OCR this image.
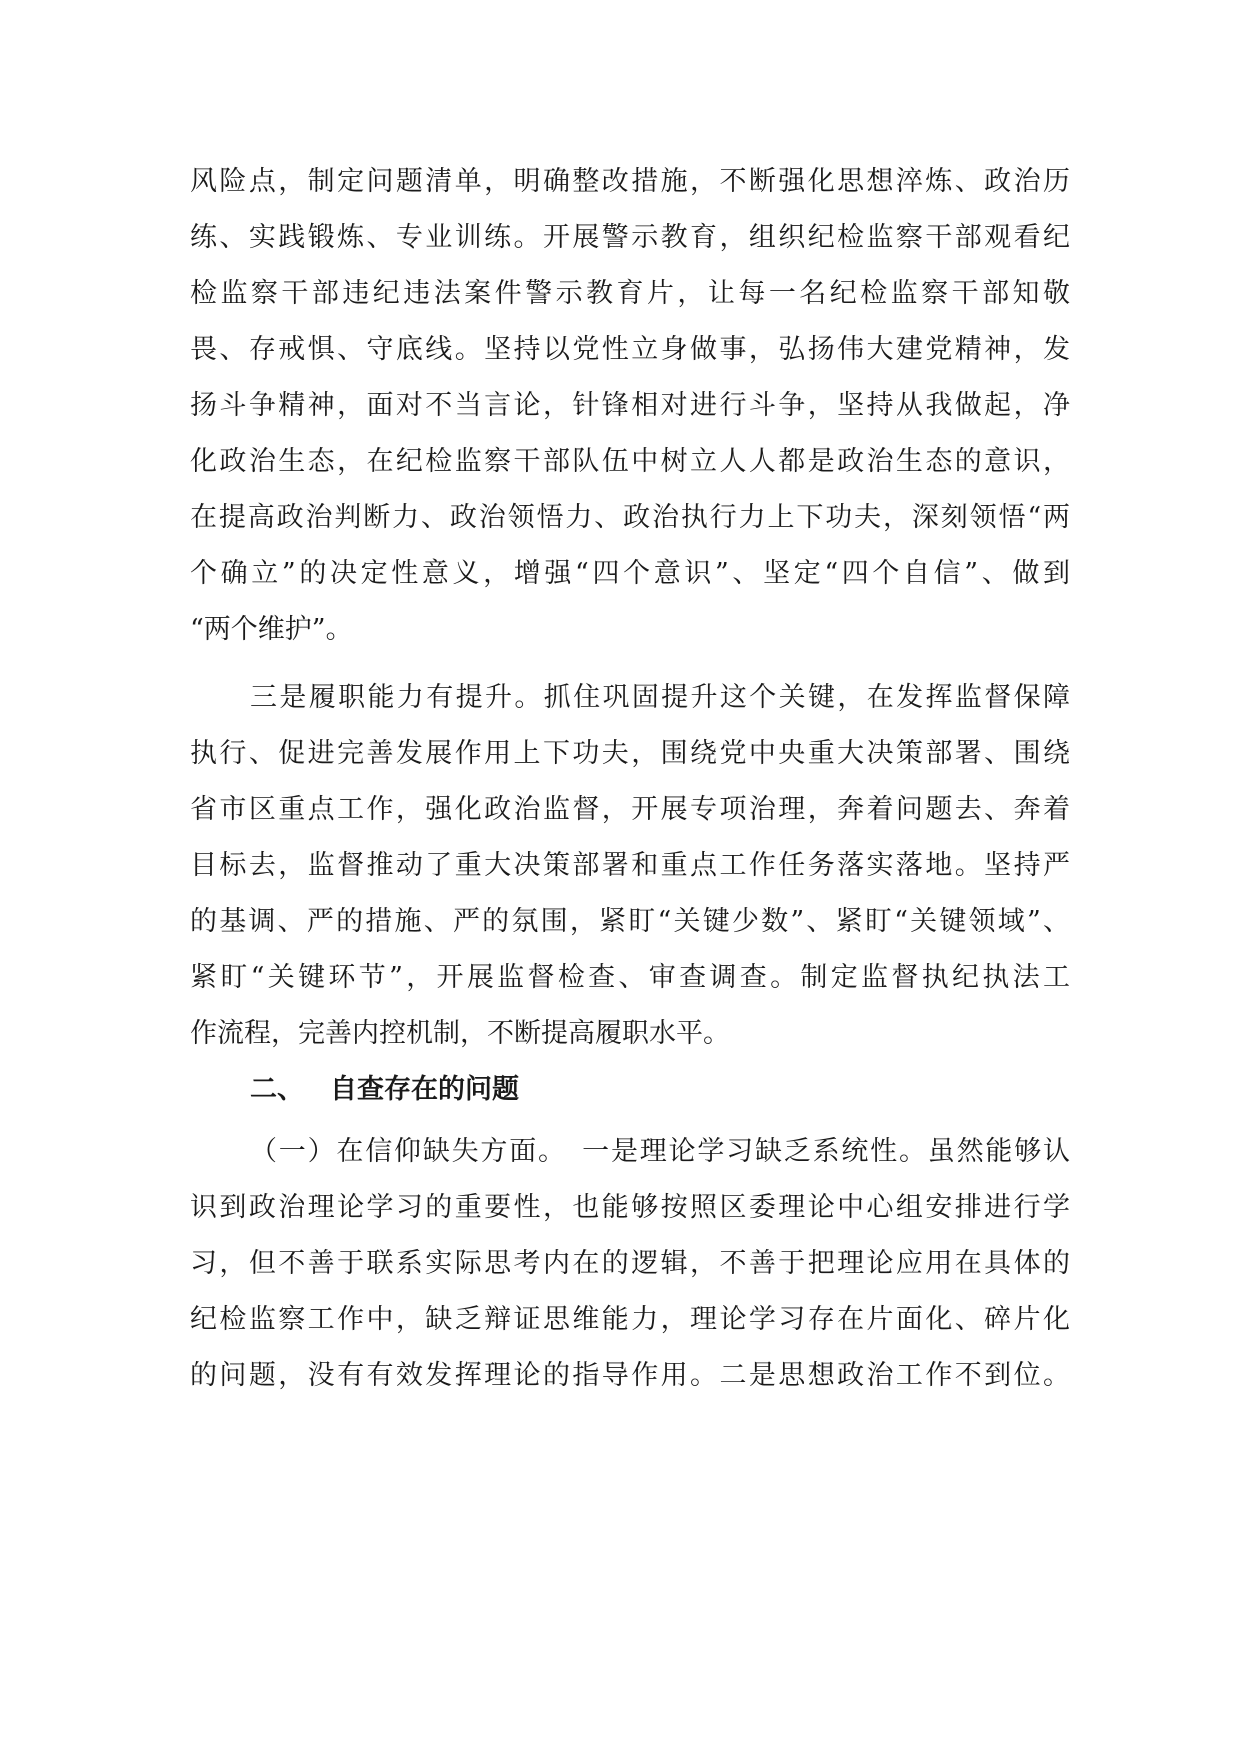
风险点，制定问题清单，明确整改措施，不断强化思想淬炼、政治历
练、实践锻炼、专业训练。开展警示教育，组织纪检监察干部观看纪
检监察干部违纪违法案件警示教育片，让每一名纪检监察干部知敬
畏、存戒惧、守底线。坚持以党性立身做事，弘扬伟大建党精神，发
扬斗争精神，面对不当言论，针锋相对进行斗争，坚持从我做起，净
化政治生态，在纪检监察干部队伍中树立人人都是政治生态的意识，
在提高政治判断力、政治领悟力、政治执行力上下功夫，深刻领悟“两
个确立”的决定性意义，增强“四个意识”、坚定“四个自信”、做到
“两个维护”。
三是履职能力有提升。抓住巩固提升这个关键，在发挥监督保障
执行、促进完善发展作用上下功夫，围绕党中央重大决策部署、围绕
省市区重点工作，强化政治监督，开展专项治理，奔着问题去、奔着
目标去，监督推动了重大决策部署和重点工作任务落实落地。坚持严
的基调、严的措施、严的氛围，紧盯“关键少数”、紧盯“关键领域”、
紧盯“关键环节”，开展监督检查、审查调查。制定监督执纪执法工
作流程，完善内控机制，不断提高履职水平。
二、 自查存在的问题
（一）在信仰缺失方面。　一是理论学习缺乏系统性。虽然能够认
识到政治理论学习的重要性，也能够按照区委理论中心组安排进行学
习，但不善于联系实际思考内在的逻辑，不善于把理论应用在具体的
纪检监察工作中，缺乏辩证思维能力，理论学习存在片面化、碎片化
的问题，没有有效发挥理论的指导作用。二是思想政治工作不到位。
